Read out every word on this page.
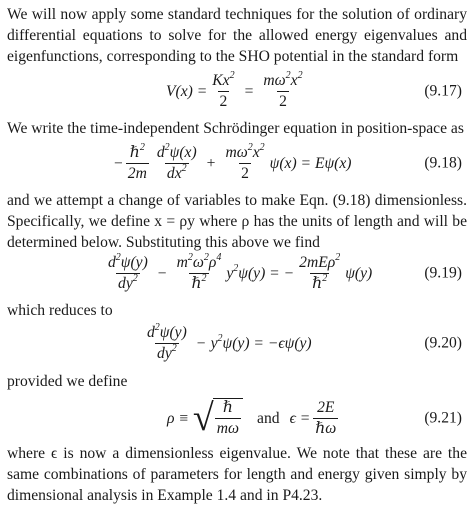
We will now apply some standard techniques for the solution of ordinary differential equations to solve for the allowed energy eigenvalues and eigenfunctions, corresponding to the SHO potential in the standard form

$V(x) = \frac{Kx^2}{2} = \frac{m\omega^2x^2}{2}$	(9.17)

We write the time-independent Schrödinger equation in position-space as

− $\frac{\hbar^2}{2m} \frac{d^2\psi(x)}{dx^2} + \frac{m\omega^2x^2}{2} \psi(x) = E\psi(x)$	(9.18)

and we attempt a change of variables to make Eqn. (9.18) dimensionless. Specifically, we define x = ρy where ρ has the units of length and will be determined below. Substituting this above we find

$\frac{d^2\psi(y)}{dy^2} - \frac{m^2\omega^2\rho^4}{\hbar^2} y^2\psi(y)$ = − $\frac{2mE\rho^2}{\hbar^2} \psi(y)$	(9.19)

which reduces to

$\frac{d^2\psi(y)}{dy^2} - y^2\psi(y) = -\epsilon\psi(y)$	(9.20)

provided we define

ρ ≡ √ $\frac{\text{ℏ}}{m\omega}$ and $\epsilon = \frac{2E}{\text{ℏω}}$	(9.21)

where ϵ is now a dimensionless eigenvalue. We note that these are the same combinations of parameters for length and energy given simply by dimensional analysis in Example 1.4 and in P4.23.
